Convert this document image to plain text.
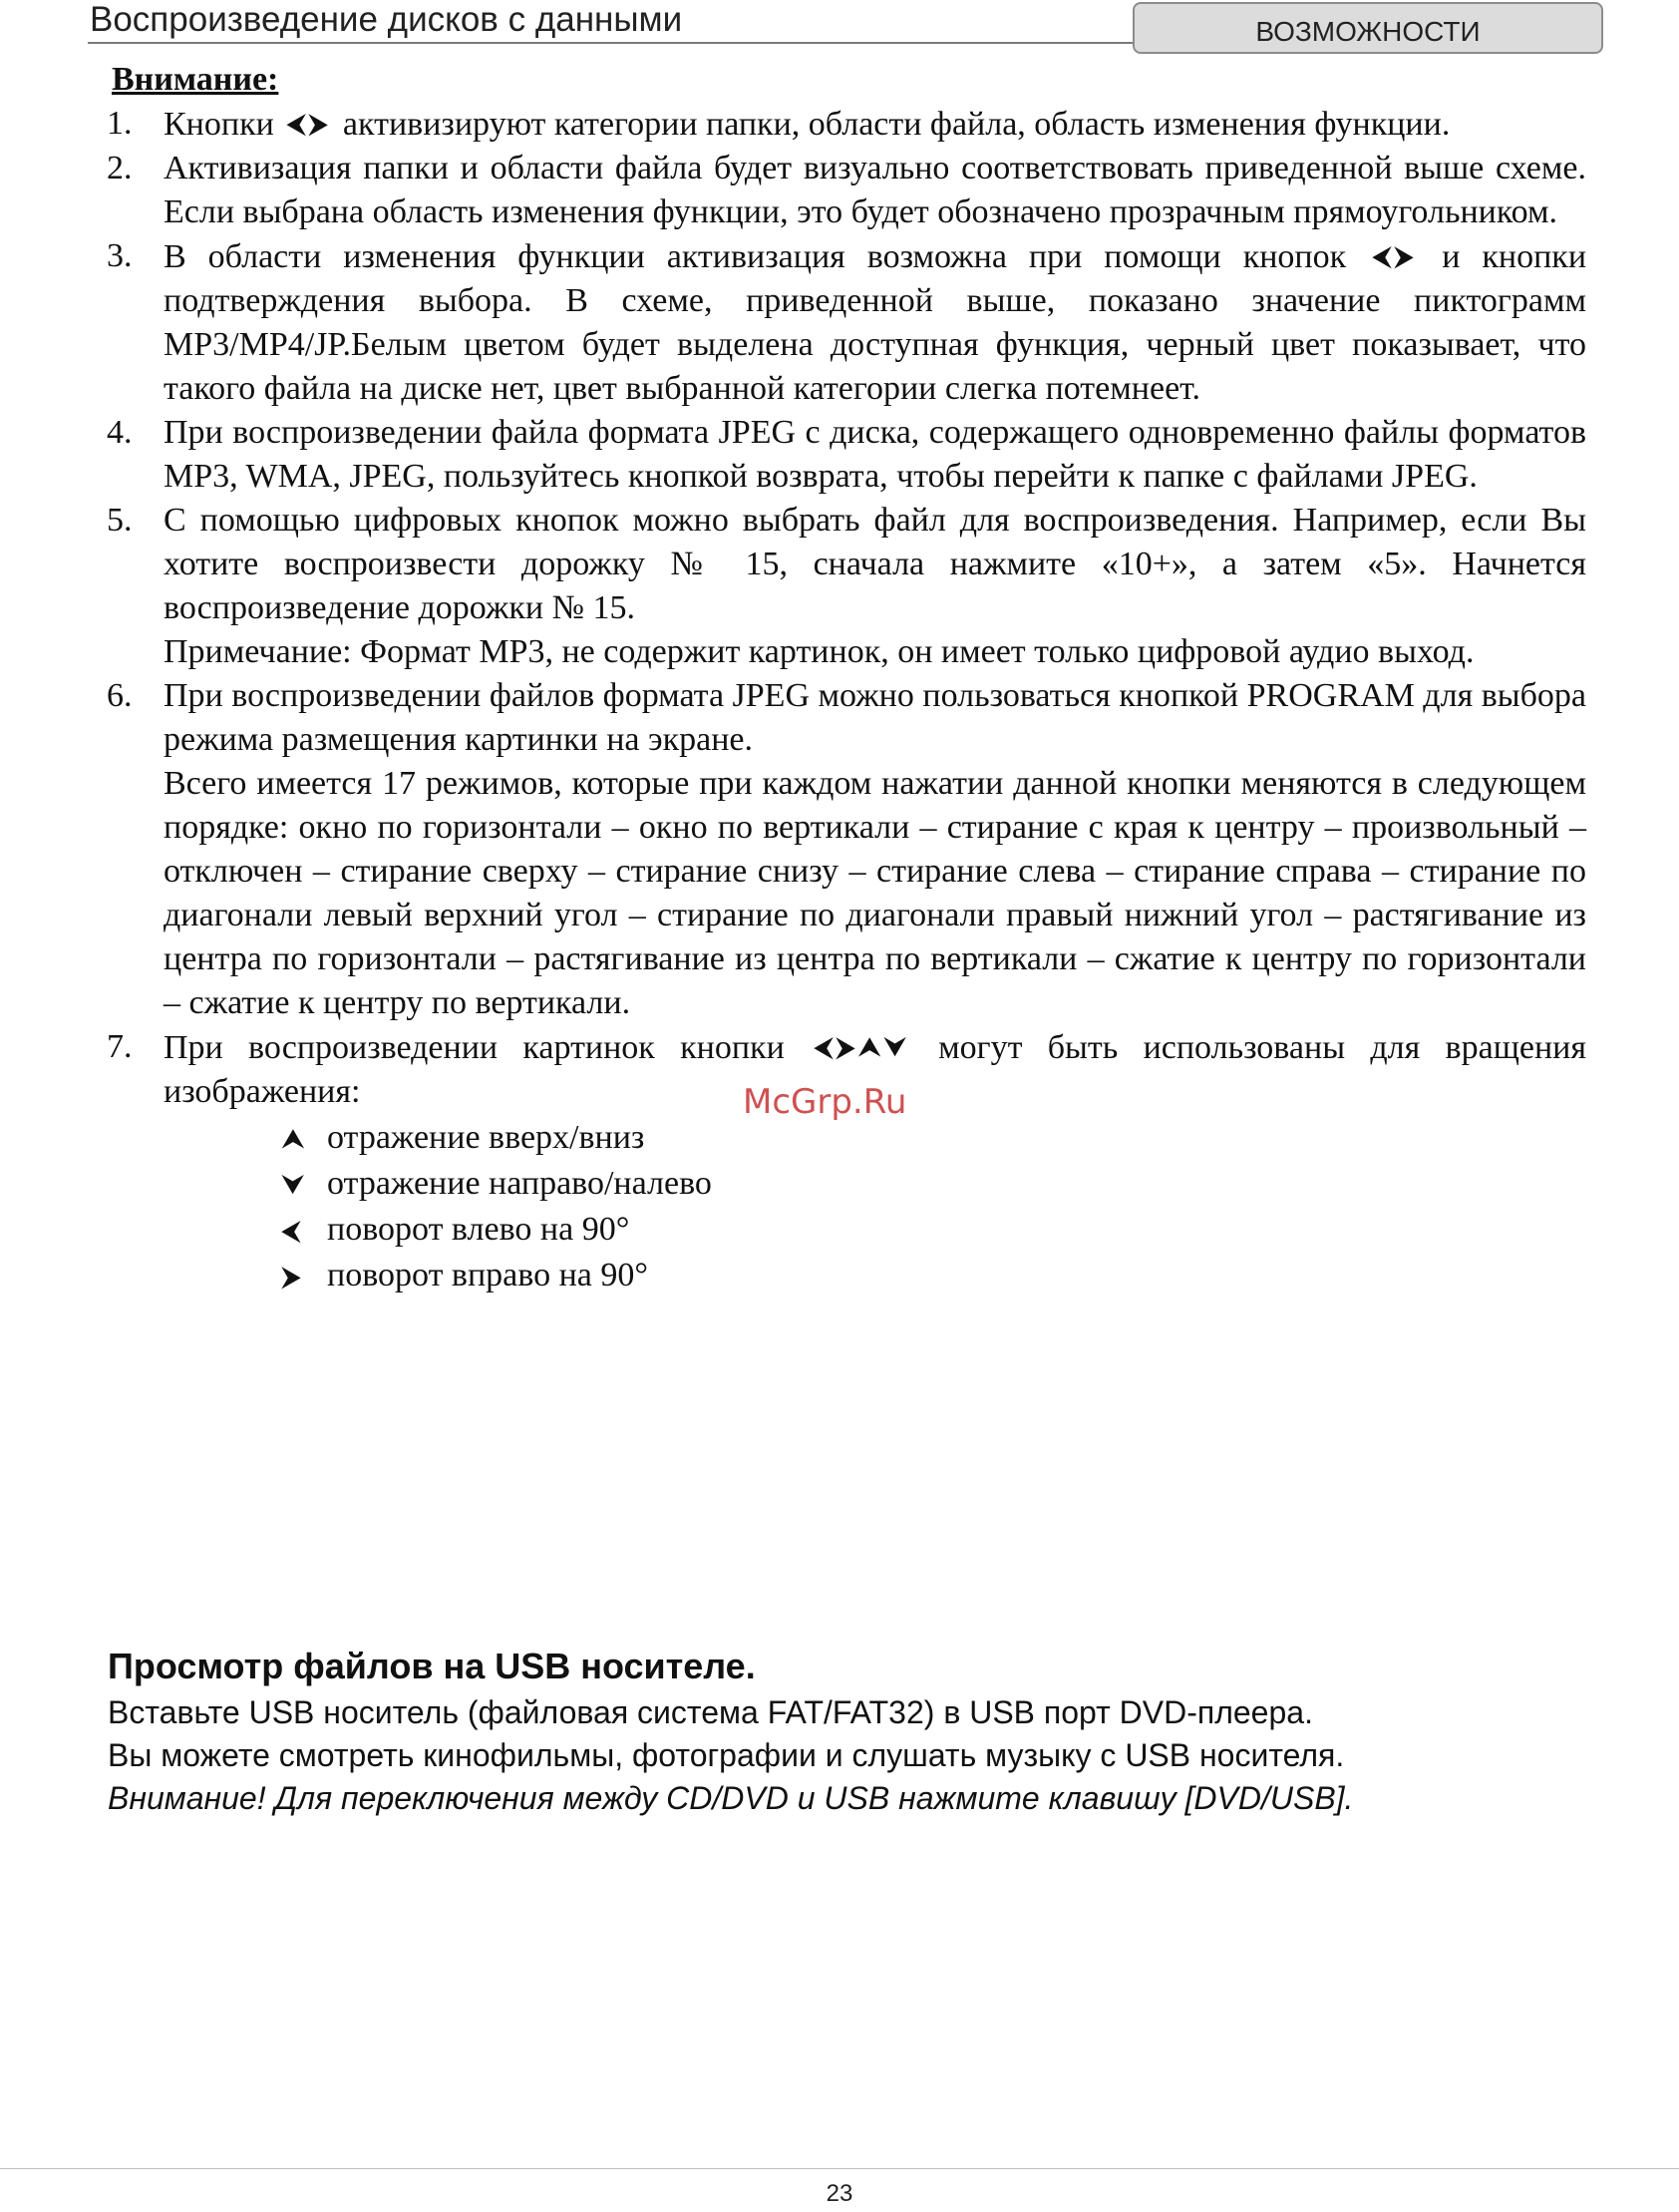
Воспроизведение дисков с данными	ВОЗМОЖНОСТИ
Внимание:
1. Кнопки ⮜⮞ активизируют категории папки, области файла, область изменения функции.
2. Активизация папки и области файла будет визуально соответствовать приведенной выше схеме. Если выбрана область изменения функции, это будет обозначено прозрачным прямоугольником.
3. В области изменения функции активизация возможна при помощи кнопок ⮜⮞ и кнопки подтверждения выбора. В схеме, приведенной выше, показано значение пиктограмм MP3/MP4/JP.Белым цветом будет выделена доступная функция, черный цвет показывает, что такого файла на диске нет, цвет выбранной категории слегка потемнеет.
4. При воспроизведении файла формата JPEG с диска, содержащего одновременно файлы форматов MP3, WMA, JPEG, пользуйтесь кнопкой возврата, чтобы перейти к папке с файлами JPEG.
5. С помощью цифровых кнопок можно выбрать файл для воспроизведения. Например, если Вы хотите воспроизвести дорожку № 15, сначала нажмите «10+», а затем «5». Начнется воспроизведение дорожки № 15.
Примечание: Формат MP3, не содержит картинок, он имеет только цифровой аудио выход.
6. При воспроизведении файлов формата JPEG можно пользоваться кнопкой PROGRAM для выбора режима размещения картинки на экране.
Всего имеется 17 режимов, которые при каждом нажатии данной кнопки меняются в следующем порядке: окно по горизонтали – окно по вертикали – стирание с края к центру – произвольный – отключен – стирание сверху – стирание снизу – стирание слева – стирание справа – стирание по диагонали левый верхний угол – стирание по диагонали правый нижний угол – растягивание из центра по горизонтали – растягивание из центра по вертикали – сжатие к центру по горизонтали – сжатие к центру по вертикали.
7. При воспроизведении картинок кнопки ⮜⮞⮝⮟ могут быть использованы для вращения изображения:
⮝ отражение вверх/вниз
⮟ отражение направо/налево
⮜ поворот влево на 90°
⮞ поворот вправо на 90°
McGrp.Ru
Просмотр файлов на USB носителе.
Вставьте USB носитель (файловая система FAT/FAT32) в USB порт DVD-плеера.
Вы можете смотреть кинофильмы, фотографии и слушать музыку с USB носителя.
Внимание! Для переключения между CD/DVD и USB нажмите клавишу [DVD/USB].
23
